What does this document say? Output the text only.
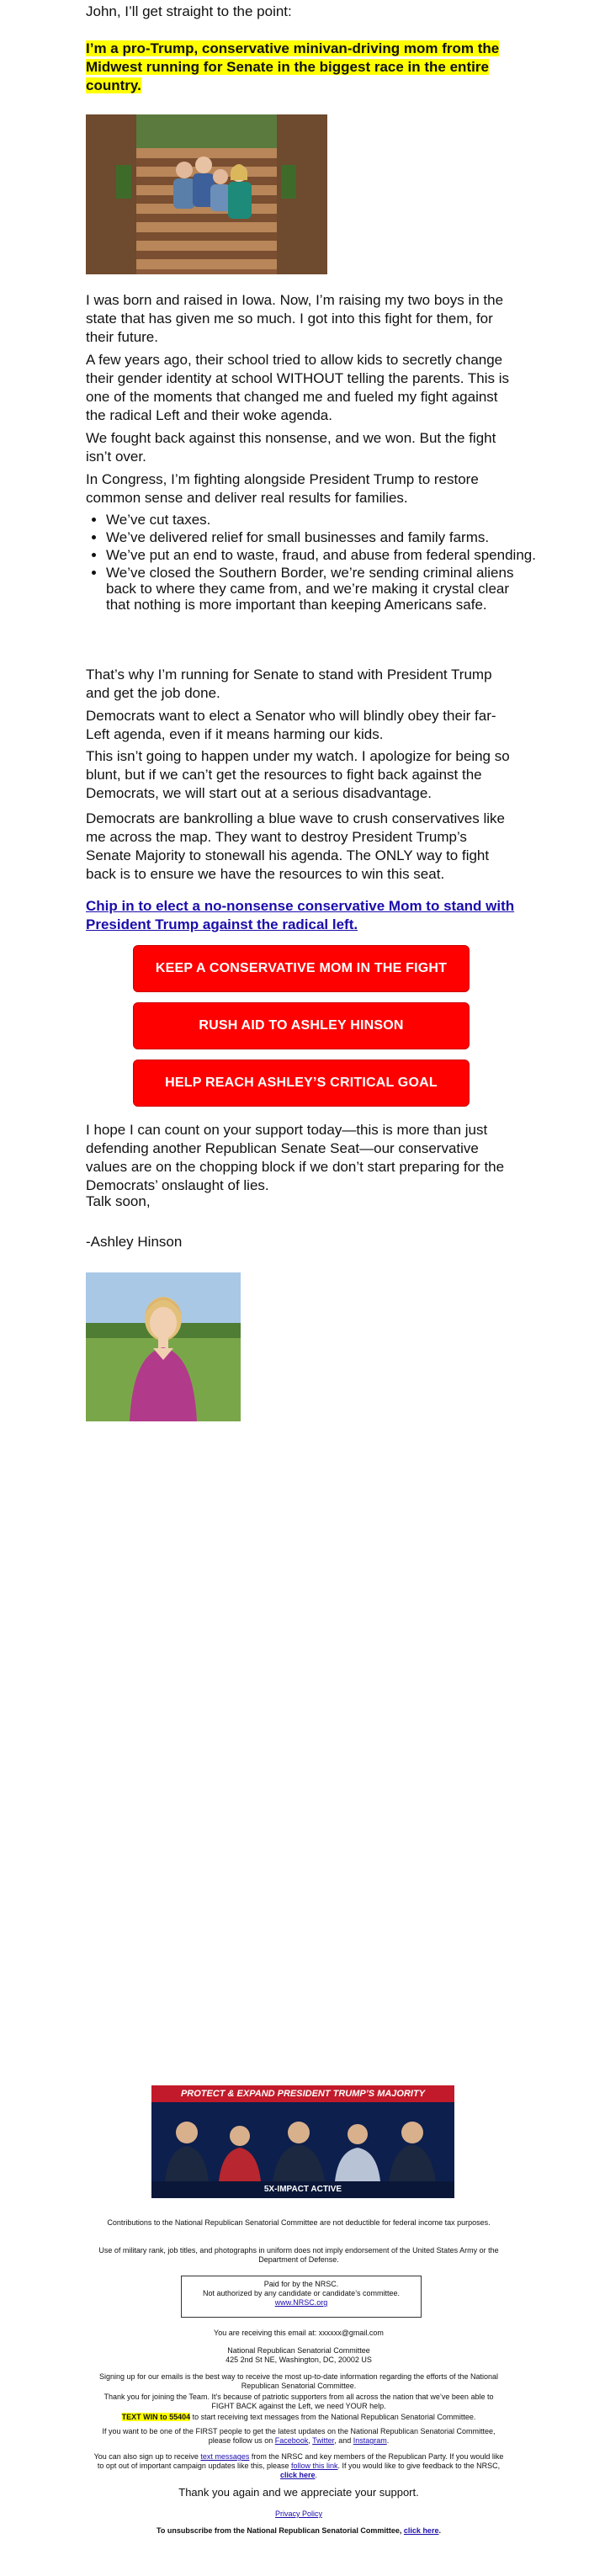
John, I’ll get straight to the point:

I’m a pro-Trump, conservative minivan-driving mom from the Midwest running for Senate in the biggest race in the entire country.

I was born and raised in Iowa. Now, I’m raising my two boys in the state that has given me so much. I got into this fight for them, for their future.

A few years ago, their school tried to allow kids to secretly change their gender identity at school WITHOUT telling the parents. This is one of the moments that changed me and fueled my fight against the radical Left and their woke agenda.

We fought back against this nonsense, and we won. But the fight isn’t over.

In Congress, I’m fighting alongside President Trump to restore common sense and deliver real results for families.

• We’ve cut taxes.
• We’ve delivered relief for small businesses and family farms.
• We’ve put an end to waste, fraud, and abuse from federal spending.
• We’ve closed the Southern Border, we’re sending criminal aliens back to where they came from, and we’re making it crystal clear that nothing is more important than keeping Americans safe.

That’s why I’m running for Senate to stand with President Trump and get the job done.

Democrats want to elect a Senator who will blindly obey their far-Left agenda, even if it means harming our kids.

This isn’t going to happen under my watch. I apologize for being so blunt, but if we can’t get the resources to fight back against the Democrats, we will start out at a serious disadvantage.

Democrats are bankrolling a blue wave to crush conservatives like me across the map. They want to destroy President Trump’s Senate Majority to stonewall his agenda. The ONLY way to fight back is to ensure we have the resources to win this seat.

Chip in to elect a no-nonsense conservative Mom to stand with President Trump against the radical left.

KEEP A CONSERVATIVE MOM IN THE FIGHT
RUSH AID TO ASHLEY HINSON
HELP REACH ASHLEY’S CRITICAL GOAL

I hope I can count on your support today—this is more than just defending another Republican Senate Seat—our conservative values are on the chopping block if we don’t start preparing for the Democrats’ onslaught of lies.

Talk soon,

-Ashley Hinson

PROTECT & EXPAND PRESIDENT TRUMP’S MAJORITY
5X-IMPACT ACTIVE

Contributions to the National Republican Senatorial Committee are not deductible for federal income tax purposes.

Use of military rank, job titles, and photographs in uniform does not imply endorsement of the United States Army or the Department of Defense.

Paid for by the NRSC.
Not authorized by any candidate or candidate’s committee.
www.NRSC.org

You are receiving this email at: xxxxxx@gmail.com

National Republican Senatorial Committee

425 2nd St NE, Washington, DC, 20002 US

Signing up for our emails is the best way to receive the most up-to-date information regarding the efforts of the National Republican Senatorial Committee.

Thank you for joining the Team. It’s because of patriotic supporters from all across the nation that we’ve been able to FIGHT BACK against the Left, we need YOUR help.

TEXT WIN to 55404 to start receiving text messages from the National Republican Senatorial Committee.

If you want to be one of the FIRST people to get the latest updates on the National Republican Senatorial Committee, please follow us on Facebook, Twitter, and Instagram.

You can also sign up to receive text messages from the NRSC and key members of the Republican Party. If you would like to opt out of important campaign updates like this, please follow this link. If you would like to give feedback to the NRSC, click here.

Thank you again and we appreciate your support.

Privacy Policy

To unsubscribe from the National Republican Senatorial Committee, click here.
